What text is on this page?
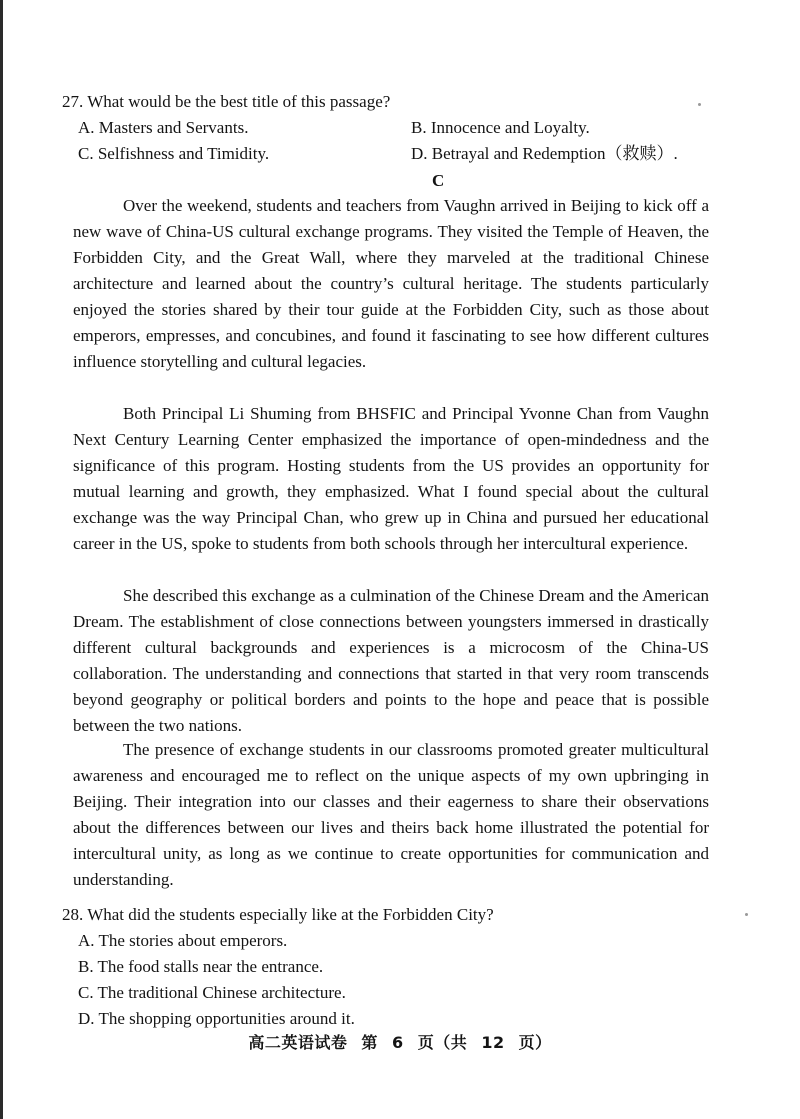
27. What would be the best title of this passage?
A. Masters and Servants.	B. Innocence and Loyalty.
C. Selfishness and Timidity.	D. Betrayal and Redemption（救赎）.
C

Over the weekend, students and teachers from Vaughn arrived in Beijing to kick off a new wave of China-US cultural exchange programs. They visited the Temple of Heaven, the Forbidden City, and the Great Wall, where they marveled at the traditional Chinese architecture and learned about the country’s cultural heritage. The students particularly enjoyed the stories shared by their tour guide at the Forbidden City, such as those about emperors, empresses, and concubines, and found it fascinating to see how different cultures influence storytelling and cultural legacies.

Both Principal Li Shuming from BHSFIC and Principal Yvonne Chan from Vaughn Next Century Learning Center emphasized the importance of open-mindedness and the significance of this program. Hosting students from the US provides an opportunity for mutual learning and growth, they emphasized. What I found special about the cultural exchange was the way Principal Chan, who grew up in China and pursued her educational career in the US, spoke to students from both schools through her intercultural experience.

She described this exchange as a culmination of the Chinese Dream and the American Dream. The establishment of close connections between youngsters immersed in drastically different cultural backgrounds and experiences is a microcosm of the China-US collaboration. The understanding and connections that started in that very room transcends beyond geography or political borders and points to the hope and peace that is possible between the two nations.

The presence of exchange students in our classrooms promoted greater multicultural awareness and encouraged me to reflect on the unique aspects of my own upbringing in Beijing. Their integration into our classes and their eagerness to share their observations about the differences between our lives and theirs back home illustrated the potential for intercultural unity, as long as we continue to create opportunities for communication and understanding.

28. What did the students especially like at the Forbidden City?
A. The stories about emperors.
B. The food stalls near the entrance.
C. The traditional Chinese architecture.
D. The shopping opportunities around it.
高二英语试卷 第 6 页（共 12 页）
